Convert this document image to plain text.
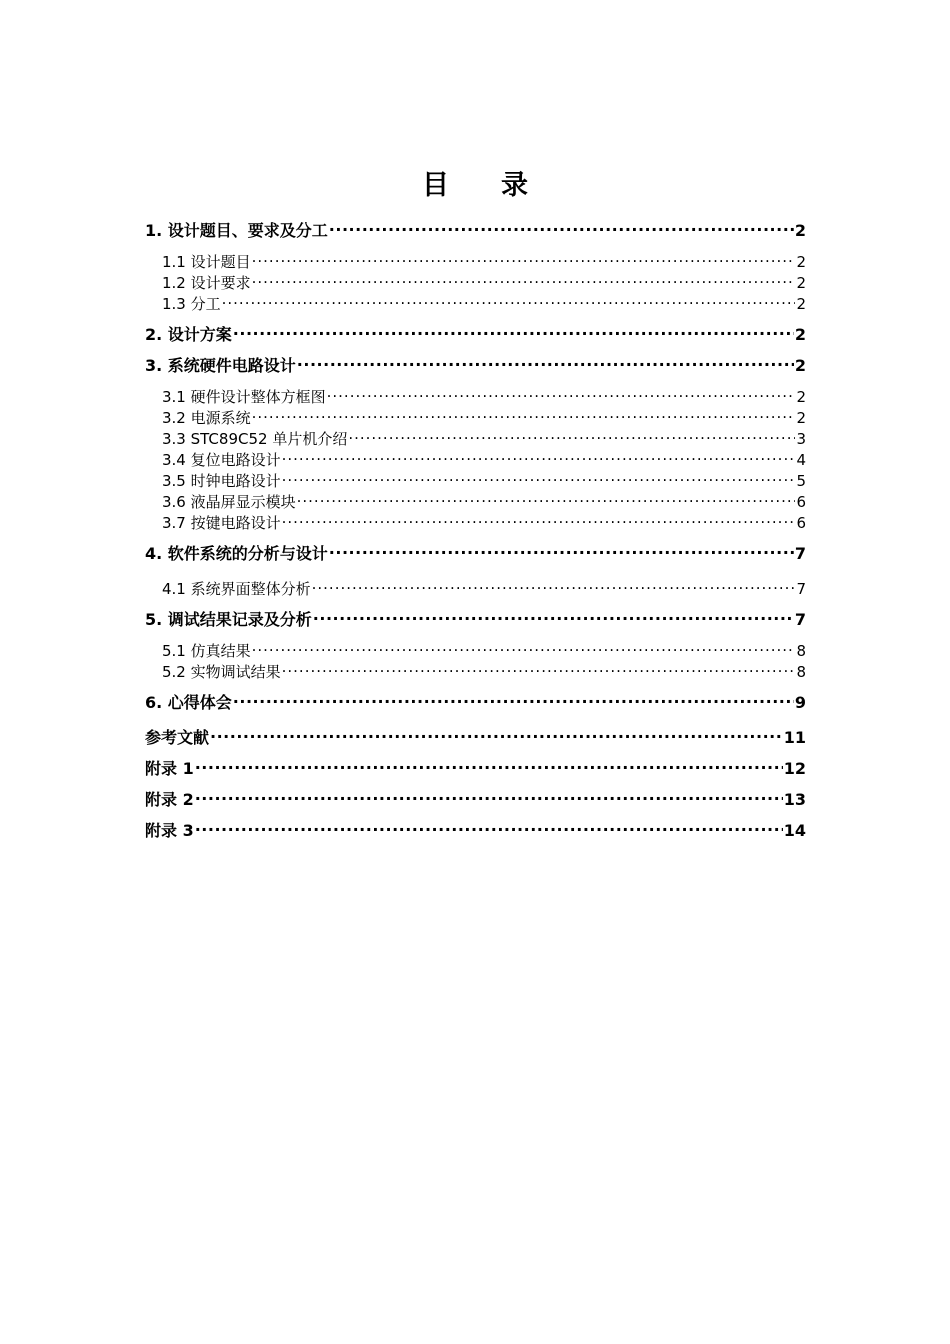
目录
1. 设计题目、要求及分工 .....	2
1.1 设计题目 .....	2
1.2 设计要求 .....	2
1.3 分工 .....	2
2. 设计方案 .....	2
3. 系统硬件电路设计 .....	2
3.1 硬件设计整体方框图 .....	2
3.2 电源系统 .....	2
3.3 STC89C52 单片机介绍 .....	3
3.4 复位电路设计 .....	4
3.5 时钟电路设计 .....	5
3.6 液晶屏显示模块 .....	6
3.7 按键电路设计 .....	6
4. 软件系统的分析与设计 .....	7
4.1 系统界面整体分析 .....	7
5. 调试结果记录及分析 .....	7
5.1 仿真结果 .....	8
5.2 实物调试结果 .....	8
6. 心得体会 .....	9
参考文献 .....	11
附录 1 .....	12
附录 2 .....	13
附录 3 .....	14
